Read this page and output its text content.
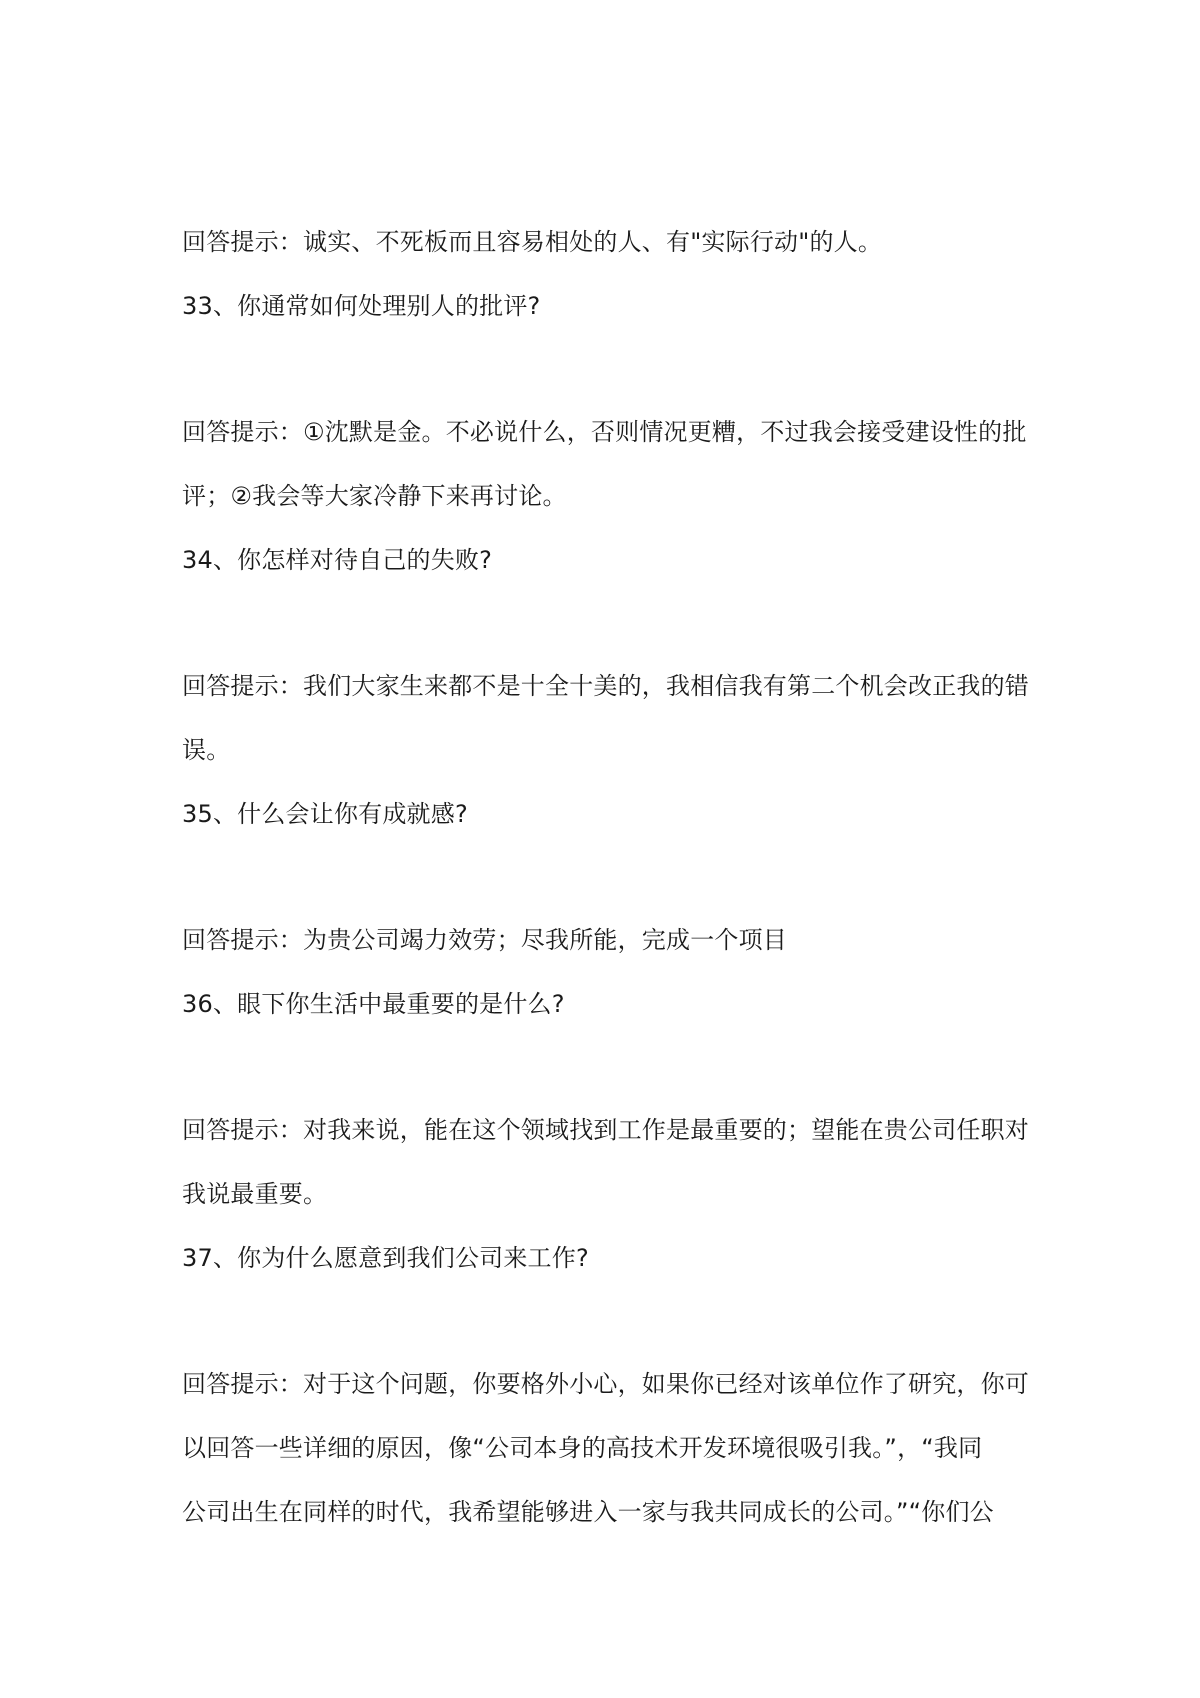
回答提示：诚实、不死板而且容易相处的人、有"实际行动"的人。
33、你通常如何处理别人的批评?
回答提示：①沈默是金。不必说什么，否则情况更糟，不过我会接受建设性的批
评；②我会等大家冷静下来再讨论。
34、你怎样对待自己的失败?
回答提示：我们大家生来都不是十全十美的，我相信我有第二个机会改正我的错
误。
35、什么会让你有成就感?
回答提示：为贵公司竭力效劳；尽我所能，完成一个项目
36、眼下你生活中最重要的是什么?
回答提示：对我来说，能在这个领域找到工作是最重要的；望能在贵公司任职对
我说最重要。
37、你为什么愿意到我们公司来工作?
回答提示：对于这个问题，你要格外小心，如果你已经对该单位作了研究，你可
以回答一些详细的原因，像“公司本身的高技术开发环境很吸引我。”，“我同
公司出生在同样的时代，我希望能够进入一家与我共同成长的公司。”“你们公
